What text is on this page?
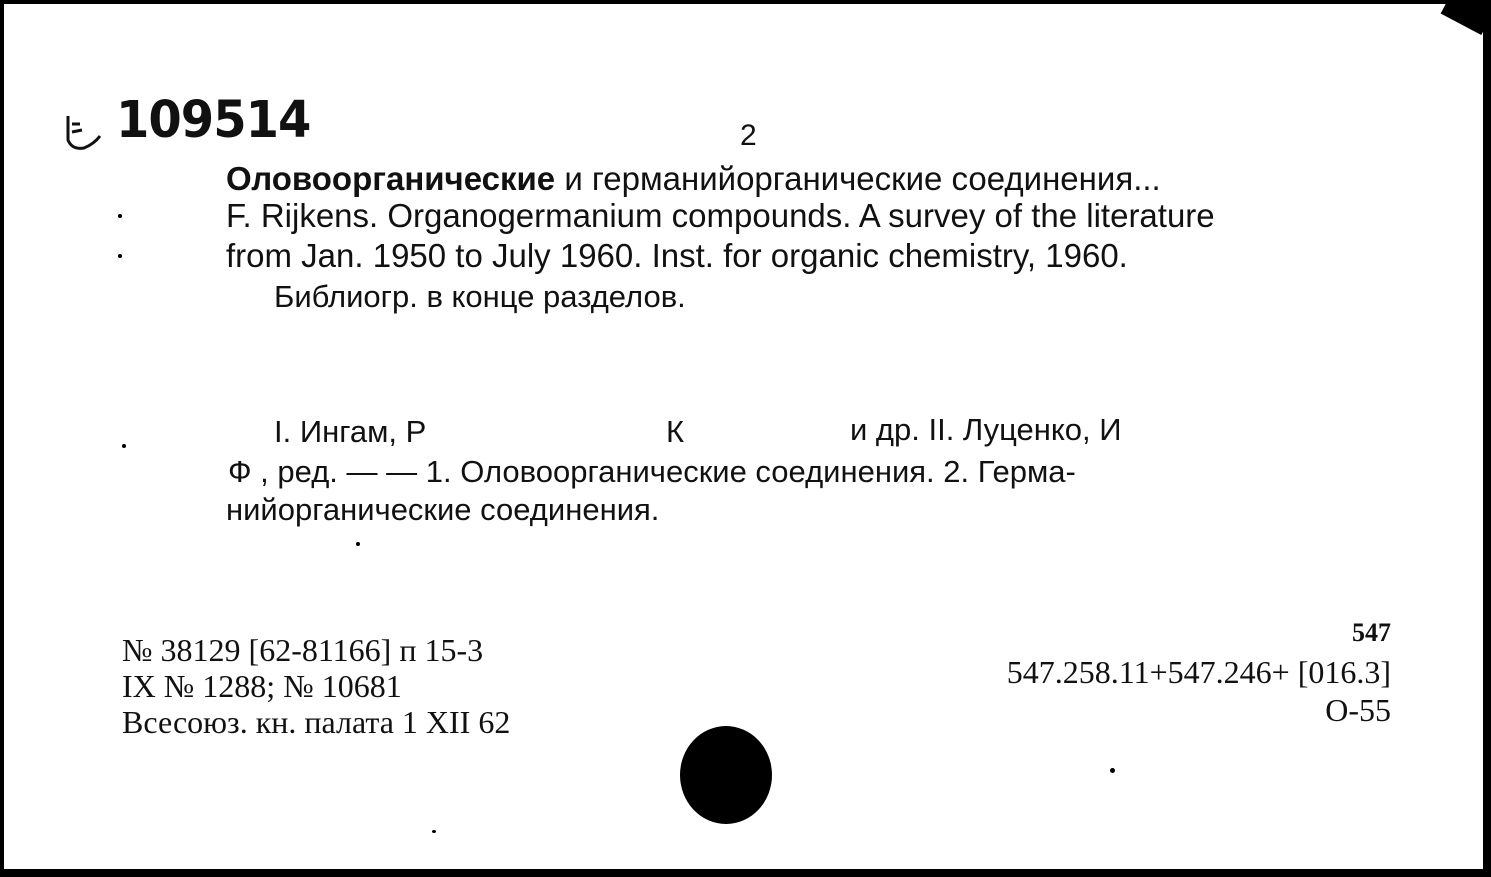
109514	2
Оловоорганические и германийорганические соединения...
F. Rijkens. Organogermanium compounds. A survey of the literature
from Jan. 1950 to July 1960. Inst. for organic chemistry, 1960.
Библиогр. в конце разделов.
I. Ингам, Р	К	и др. II. Луценко, И
Ф , ред. — — 1. Оловоорганические соединения. 2. Герма-
нийорганические соединения.
№ 38129 [62-81166] п 15-3
IX № 1288; № 10681
Всесоюз. кн. палата 1 XII 62
547
547.258.11+547.246+ [016.3]
О-55
